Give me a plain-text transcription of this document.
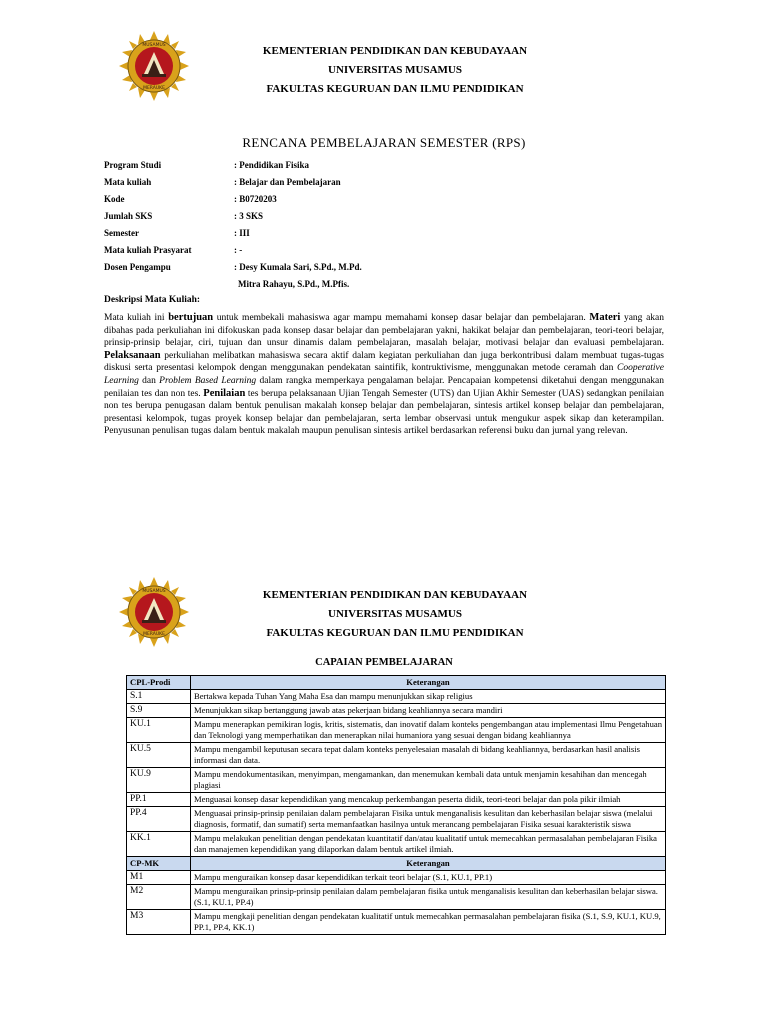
MERAUKE
MUSAMUS	KEMENTERIAN PENDIDIKAN DAN KEBUDAYAAN
UNIVERSITAS MUSAMUS
FAKULTAS KEGURUAN DAN ILMU PENDIDIKAN
RENCANA PEMBELAJARAN SEMESTER (RPS)
Program Studi	: Pendidikan Fisika
Mata kuliah	: Belajar dan Pembelajaran
Kode	: B0720203
Jumlah SKS	: 3 SKS
Semester	: III
Mata kuliah Prasyarat	: -
Dosen Pengampu	: Desy Kumala Sari, S.Pd., M.Pd.
Mitra Rahayu, S.Pd., M.Pfis.
Deskripsi Mata Kuliah:
Mata kuliah ini bertujuan untuk membekali mahasiswa agar mampu memahami konsep dasar belajar dan pembelajaran. Materi yang akan dibahas pada perkuliahan ini difokuskan pada konsep dasar belajar dan pembelajaran yakni, hakikat belajar dan pembelajaran, teori-teori belajar, prinsip-prinsip belajar, ciri, tujuan dan unsur dinamis dalam pembelajaran, masalah belajar, motivasi belajar dan evaluasi pembelajaran. Pelaksanaan perkuliahan melibatkan mahasiswa secara aktif dalam kegiatan perkuliahan dan juga berkontribusi dalam membuat tugas-tugas diskusi serta presentasi kelompok dengan menggunakan pendekatan saintifik, kontruktivisme, menggunakan metode ceramah dan Cooperative Learning dan Problem Based Learning dalam rangka memperkaya pengalaman belajar. Pencapaian kompetensi diketahui dengan menggunakan penilaian tes dan non tes. Penilaian tes berupa pelaksanaan Ujian Tengah Semester (UTS) dan Ujian Akhir Semester (UAS) sedangkan penilaian non tes berupa penugasan dalam bentuk penulisan makalah konsep belajar dan pembelajaran, sintesis artikel konsep belajar dan pembelajaran, presentasi kelompok, tugas proyek konsep belajar dan pembelajaran, serta lembar observasi untuk mengukur aspek sikap dan keterampilan. Penyusunan penulisan tugas dalam bentuk makalah maupun penulisan sintesis artikel berdasarkan referensi buku dan jurnal yang relevan.
MERAUKE
MUSAMUS	KEMENTERIAN PENDIDIKAN DAN KEBUDAYAAN
UNIVERSITAS MUSAMUS
FAKULTAS KEGURUAN DAN ILMU PENDIDIKAN
CAPAIAN PEMBELAJARAN
CPL-Prodi	Keterangan
S.1	Bertakwa kepada Tuhan Yang Maha Esa dan mampu menunjukkan sikap religius
S.9	Menunjukkan sikap bertanggung jawab atas pekerjaan bidang keahliannya secara mandiri
KU.1	Mampu menerapkan pemikiran logis, kritis, sistematis, dan inovatif dalam konteks pengembangan atau implementasi Ilmu Pengetahuan dan Teknologi yang memperhatikan dan menerapkan nilai humaniora yang sesuai dengan bidang keahliannya
KU.5	Mampu mengambil keputusan secara tepat dalam konteks penyelesaian masalah di bidang keahliannya, berdasarkan hasil analisis informasi dan data.
KU.9	Mampu mendokumentasikan, menyimpan, mengamankan, dan menemukan kembali data untuk menjamin kesahihan dan mencegah plagiasi
PP.1	Menguasai konsep dasar kependidikan yang mencakup perkembangan peserta didik, teori-teori belajar dan pola pikir ilmiah
PP.4	Menguasai prinsip-prinsip penilaian dalam pembelajaran Fisika untuk menganalisis kesulitan dan keberhasilan belajar siswa (melalui diagnosis, formatif, dan sumatif) serta memanfaatkan hasilnya untuk merancang pembelajaran Fisika sesuai karakteristik siswa
KK.1	Mampu melakukan penelitian dengan pendekatan kuantitatif dan/atau kualitatif untuk memecahkan permasalahan pembelajaran Fisika dan manajemen kependidikan yang dilaporkan dalam bentuk artikel ilmiah.
CP-MK	Keterangan
M1	Mampu menguraikan konsep dasar kependidikan terkait teori belajar (S.1, KU.1, PP.1)
M2	Mampu menguraikan prinsip-prinsip penilaian dalam pembelajaran fisika untuk menganalisis kesulitan dan keberhasilan belajar siswa. (S.1, KU.1, PP.4)
M3	Mampu mengkaji penelitian dengan pendekatan kualitatif untuk memecahkan permasalahan pembelajaran fisika (S.1, S.9, KU.1, KU.9, PP.1, PP.4, KK.1)
